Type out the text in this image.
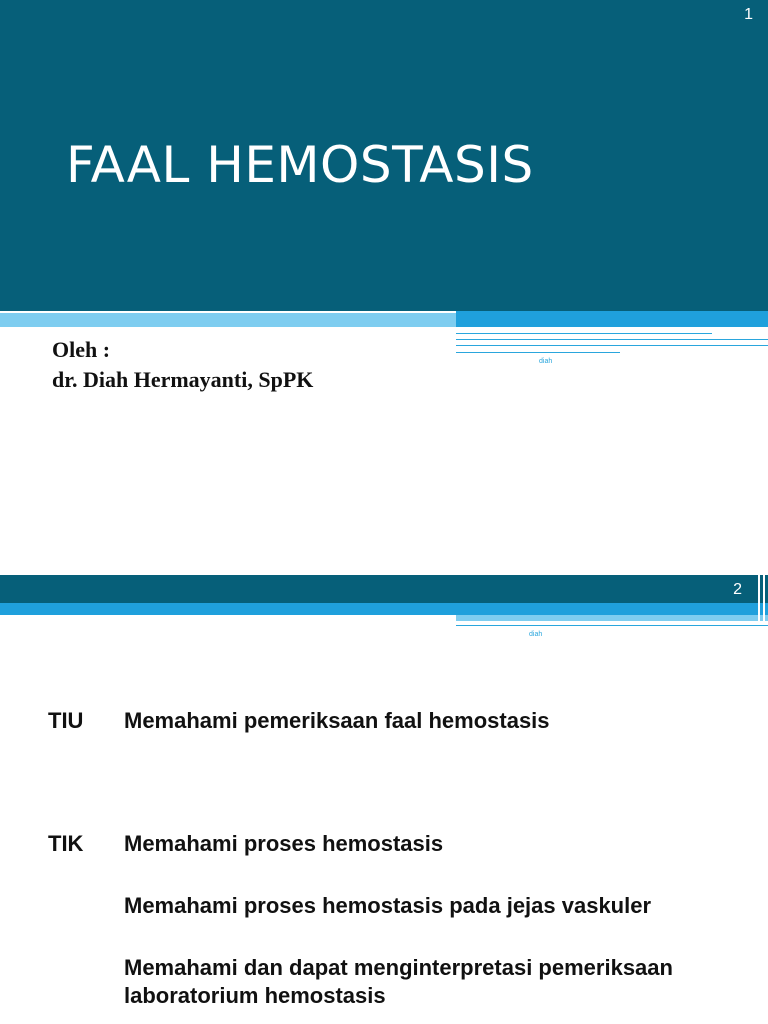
1
FAAL HEMOSTASIS
diah
Oleh :
dr. Diah Hermayanti, SpPK
2
diah
TIU Memahami pemeriksaan faal hemostasis

TIK Memahami proses hemostasis

Memahami proses hemostasis pada jejas vaskuler

Memahami dan dapat menginterpretasi pemeriksaan laboratorium hemostasis
